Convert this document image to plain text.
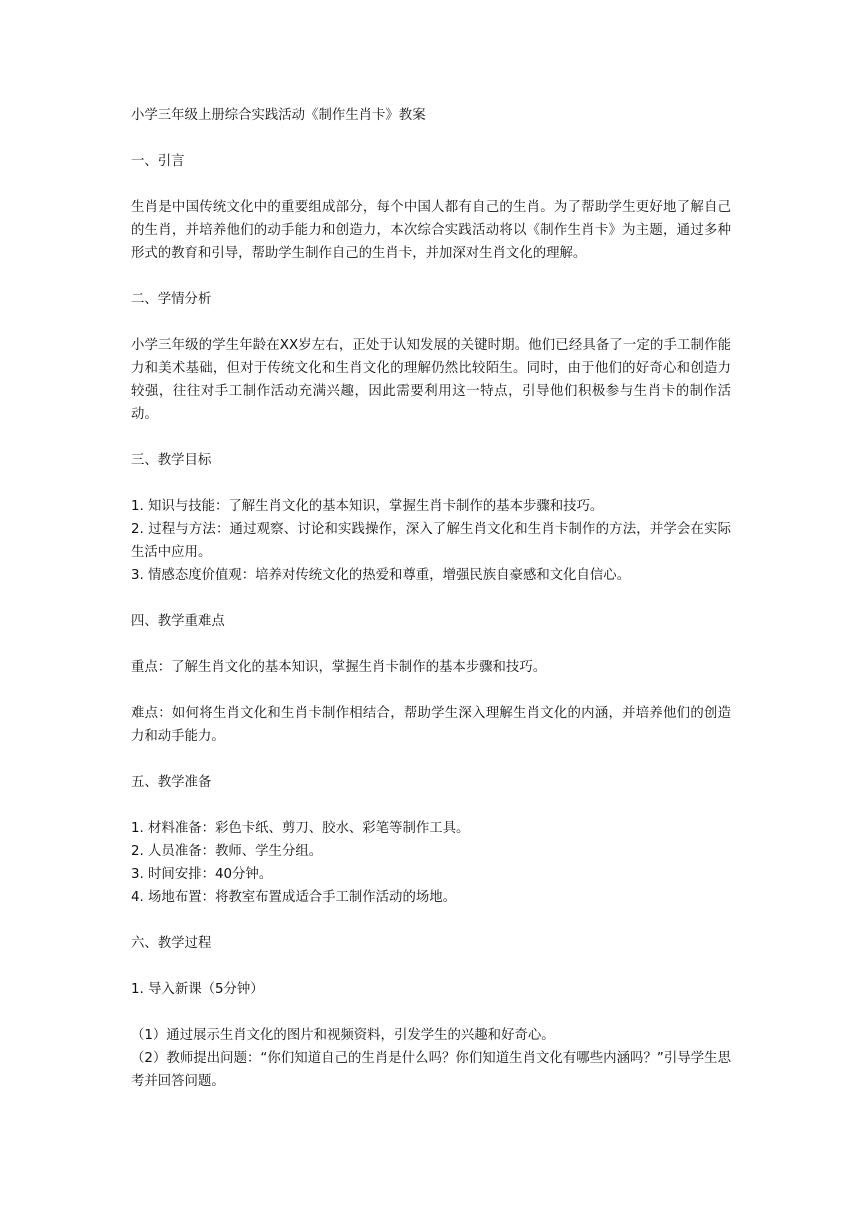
小学三年级上册综合实践活动《制作生肖卡》教案

一、引言

生肖是中国传统文化中的重要组成部分，每个中国人都有自己的生肖。为了帮助学生更好地了解自己的生肖，并培养他们的动手能力和创造力，本次综合实践活动将以《制作生肖卡》为主题，通过多种形式的教育和引导，帮助学生制作自己的生肖卡，并加深对生肖文化的理解。

二、学情分析

小学三年级的学生年龄在XX岁左右，正处于认知发展的关键时期。他们已经具备了一定的手工制作能力和美术基础，但对于传统文化和生肖文化的理解仍然比较陌生。同时，由于他们的好奇心和创造力较强，往往对手工制作活动充满兴趣，因此需要利用这一特点，引导他们积极参与生肖卡的制作活动。

三、教学目标

1. 知识与技能：了解生肖文化的基本知识，掌握生肖卡制作的基本步骤和技巧。

2. 过程与方法：通过观察、讨论和实践操作，深入了解生肖文化和生肖卡制作的方法，并学会在实际生活中应用。

3. 情感态度价值观：培养对传统文化的热爱和尊重，增强民族自豪感和文化自信心。

四、教学重难点

重点：了解生肖文化的基本知识，掌握生肖卡制作的基本步骤和技巧。

难点：如何将生肖文化和生肖卡制作相结合，帮助学生深入理解生肖文化的内涵，并培养他们的创造力和动手能力。

五、教学准备

1. 材料准备：彩色卡纸、剪刀、胶水、彩笔等制作工具。

2. 人员准备：教师、学生分组。

3. 时间安排：40分钟。

4. 场地布置：将教室布置成适合手工制作活动的场地。

六、教学过程

1. 导入新课（5分钟）

（1）通过展示生肖文化的图片和视频资料，引发学生的兴趣和好奇心。

（2）教师提出问题：“你们知道自己的生肖是什么吗？你们知道生肖文化有哪些内涵吗？”引导学生思考并回答问题。
